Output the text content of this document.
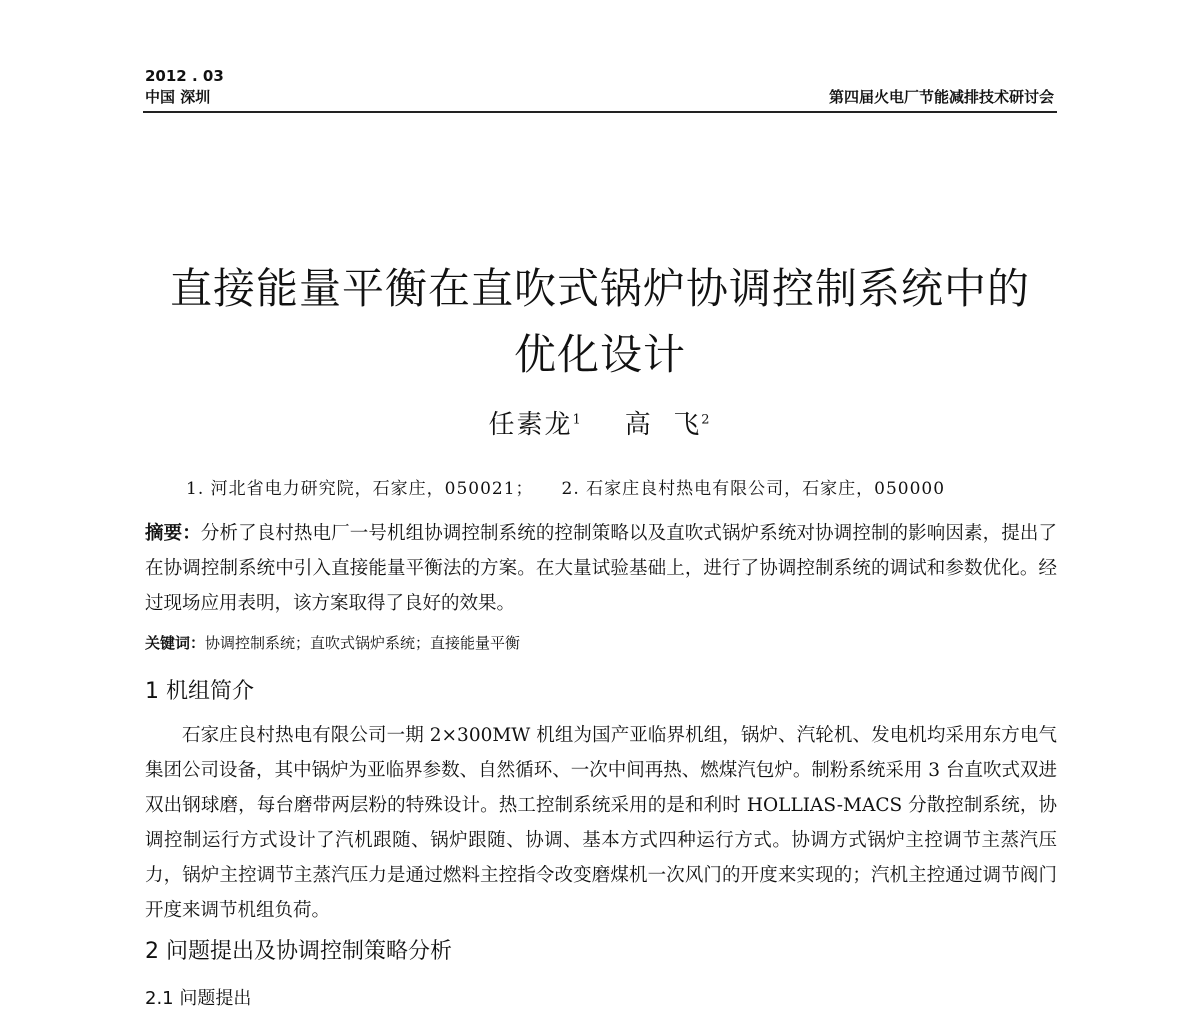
2012 . 03
中国 深圳	第四届火电厂节能减排技术研讨会
直接能量平衡在直吹式锅炉协调控制系统中的
优化设计
任素龙$^1$ 高  飞$^2$
1. 河北省电力研究院，石家庄，050021； 2. 石家庄良村热电有限公司，石家庄，050000

摘要：分析了良村热电厂一号机组协调控制系统的控制策略以及直吹式锅炉系统对协调控制的影响因素，提出了在协调控制系统中引入直接能量平衡法的方案。在大量试验基础上，进行了协调控制系统的调试和参数优化。经过现场应用表明，该方案取得了良好的效果。

关键词：协调控制系统；直吹式锅炉系统；直接能量平衡
1 机组简介

石家庄良村热电有限公司一期 2×300MW 机组为国产亚临界机组，锅炉、汽轮机、发电机均采用东方电气集团公司设备，其中锅炉为亚临界参数、自然循环、一次中间再热、燃煤汽包炉。制粉系统采用 3 台直吹式双进双出钢球磨，每台磨带两层粉的特殊设计。热工控制系统采用的是和利时 HOLLIAS-MACS 分散控制系统，协调控制运行方式设计了汽机跟随、锅炉跟随、协调、基本方式四种运行方式。协调方式锅炉主控调节主蒸汽压力，锅炉主控调节主蒸汽压力是通过燃料主控指令改变磨煤机一次风门的开度来实现的；汽机主控通过调节阀门开度来调节机组负荷。

2 问题提出及协调控制策略分析
2.1 问题提出
